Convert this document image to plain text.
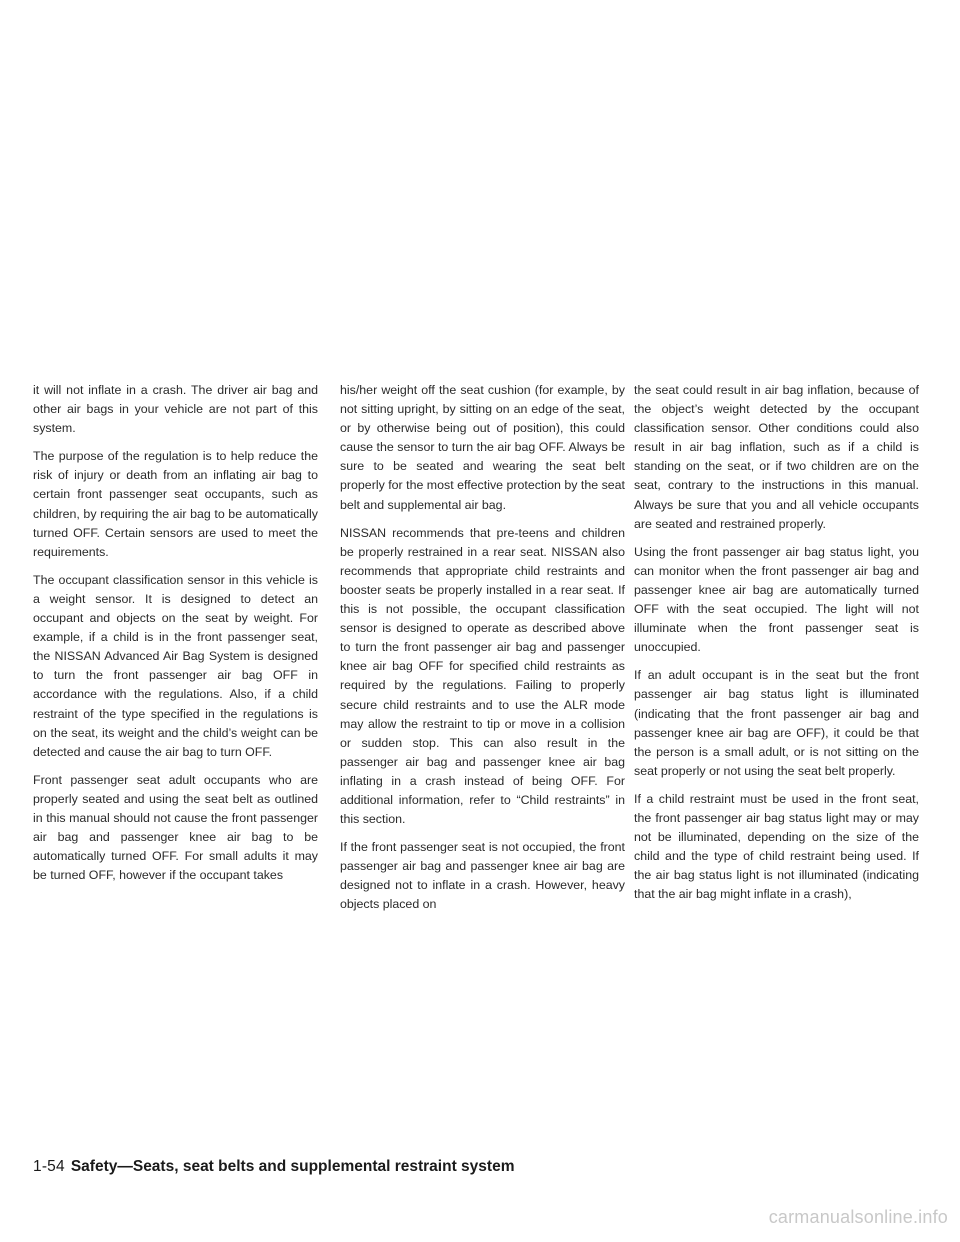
it will not inflate in a crash. The driver air bag and other air bags in your vehicle are not part of this system.

The purpose of the regulation is to help reduce the risk of injury or death from an inflating air bag to certain front passenger seat occupants, such as children, by requiring the air bag to be automatically turned OFF. Certain sensors are used to meet the requirements.

The occupant classification sensor in this vehicle is a weight sensor. It is designed to detect an occupant and objects on the seat by weight. For example, if a child is in the front passenger seat, the NISSAN Advanced Air Bag System is designed to turn the front passenger air bag OFF in accordance with the regulations. Also, if a child restraint of the type specified in the regulations is on the seat, its weight and the child’s weight can be detected and cause the air bag to turn OFF.

Front passenger seat adult occupants who are properly seated and using the seat belt as outlined in this manual should not cause the front passenger air bag and passenger knee air bag to be automatically turned OFF. For small adults it may be turned OFF, however if the occupant takes

his/her weight off the seat cushion (for example, by not sitting upright, by sitting on an edge of the seat, or by otherwise being out of position), this could cause the sensor to turn the air bag OFF. Always be sure to be seated and wearing the seat belt properly for the most effective protection by the seat belt and supplemental air bag.

NISSAN recommends that pre-teens and children be properly restrained in a rear seat. NISSAN also recommends that appropriate child restraints and booster seats be properly installed in a rear seat. If this is not possible, the occupant classification sensor is designed to operate as described above to turn the front passenger air bag and passenger knee air bag OFF for specified child restraints as required by the regulations. Failing to properly secure child restraints and to use the ALR mode may allow the restraint to tip or move in a collision or sudden stop. This can also result in the passenger air bag and passenger knee air bag inflating in a crash instead of being OFF. For additional information, refer to “Child restraints” in this section.

If the front passenger seat is not occupied, the front passenger air bag and passenger knee air bag are designed not to inflate in a crash. However, heavy objects placed on

the seat could result in air bag inflation, because of the object’s weight detected by the occupant classification sensor. Other conditions could also result in air bag inflation, such as if a child is standing on the seat, or if two children are on the seat, contrary to the instructions in this manual. Always be sure that you and all vehicle occupants are seated and restrained properly.

Using the front passenger air bag status light, you can monitor when the front passenger air bag and passenger knee air bag are automatically turned OFF with the seat occupied. The light will not illuminate when the front passenger seat is unoccupied.

If an adult occupant is in the seat but the front passenger air bag status light is illuminated (indicating that the front passenger air bag and passenger knee air bag are OFF), it could be that the person is a small adult, or is not sitting on the seat properly or not using the seat belt properly.

If a child restraint must be used in the front seat, the front passenger air bag status light may or may not be illuminated, depending on the size of the child and the type of child restraint being used. If the air bag status light is not illuminated (indicating that the air bag might inflate in a crash),

1-54 Safety—Seats, seat belts and supplemental restraint system
carmanualsonline.info
